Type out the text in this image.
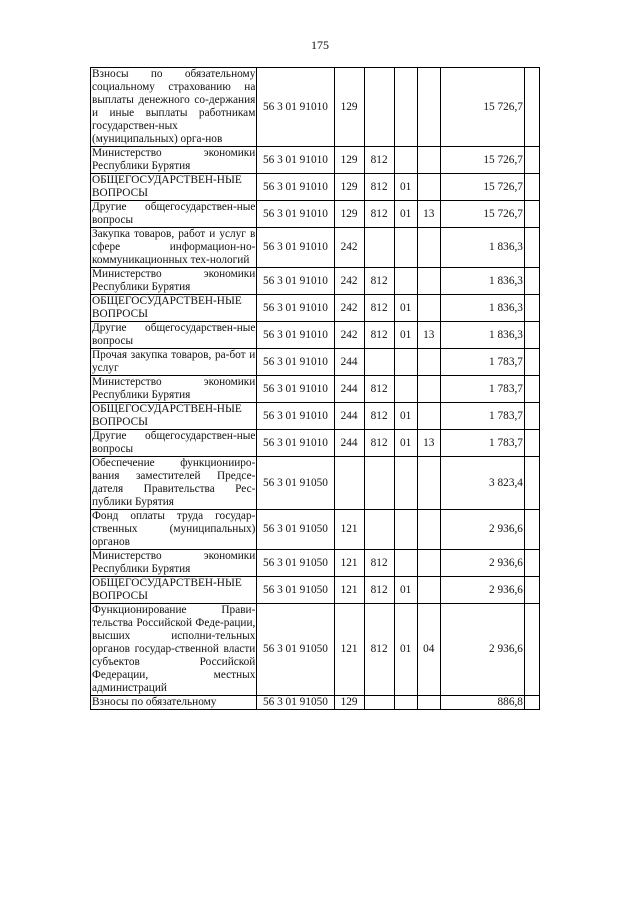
175
Взносы по обязательному социальному страхованию на выплаты денежного со-держания и иные выплаты работникам государствен-ных (муниципальных) орга-нов	56 3 01 91010	129				15 726,7	
Министерство экономики Республики Бурятия	56 3 01 91010	129	812			15 726,7	
ОБЩЕГОСУДАРСТВЕН-НЫЕ ВОПРОСЫ	56 3 01 91010	129	812	01		15 726,7	
Другие общегосударствен-ные вопросы	56 3 01 91010	129	812	01	13	15 726,7	
Закупка товаров, работ и услуг в сфере информацион-но-коммуникационных тех-нологий	56 3 01 91010	242				1 836,3	
Министерство экономики Республики Бурятия	56 3 01 91010	242	812			1 836,3	
ОБЩЕГОСУДАРСТВЕН-НЫЕ ВОПРОСЫ	56 3 01 91010	242	812	01		1 836,3	
Другие общегосударствен-ные вопросы	56 3 01 91010	242	812	01	13	1 836,3	
Прочая закупка товаров, ра-бот и услуг	56 3 01 91010	244				1 783,7	
Министерство экономики Республики Бурятия	56 3 01 91010	244	812			1 783,7	
ОБЩЕГОСУДАРСТВЕН-НЫЕ ВОПРОСЫ	56 3 01 91010	244	812	01		1 783,7	
Другие общегосударствен-ные вопросы	56 3 01 91010	244	812	01	13	1 783,7	
Обеспечение функционииро-вания заместителей Предсе-дателя Правительства Рес-публики Бурятия	56 3 01 91050					3 823,4	
Фонд оплаты труда государ-ственных (муниципальных) органов	56 3 01 91050	121				2 936,6	
Министерство экономики Республики Бурятия	56 3 01 91050	121	812			2 936,6	
ОБЩЕГОСУДАРСТВЕН-НЫЕ ВОПРОСЫ	56 3 01 91050	121	812	01		2 936,6	
Функционирование Прави-тельства Российской Феде-рации, высших исполни-тельных органов государ-ственной власти субъектов Российской Федерации, местных администраций	56 3 01 91050	121	812	01	04	2 936,6	
Взносы по обязательному	56 3 01 91050	129				886,8	
